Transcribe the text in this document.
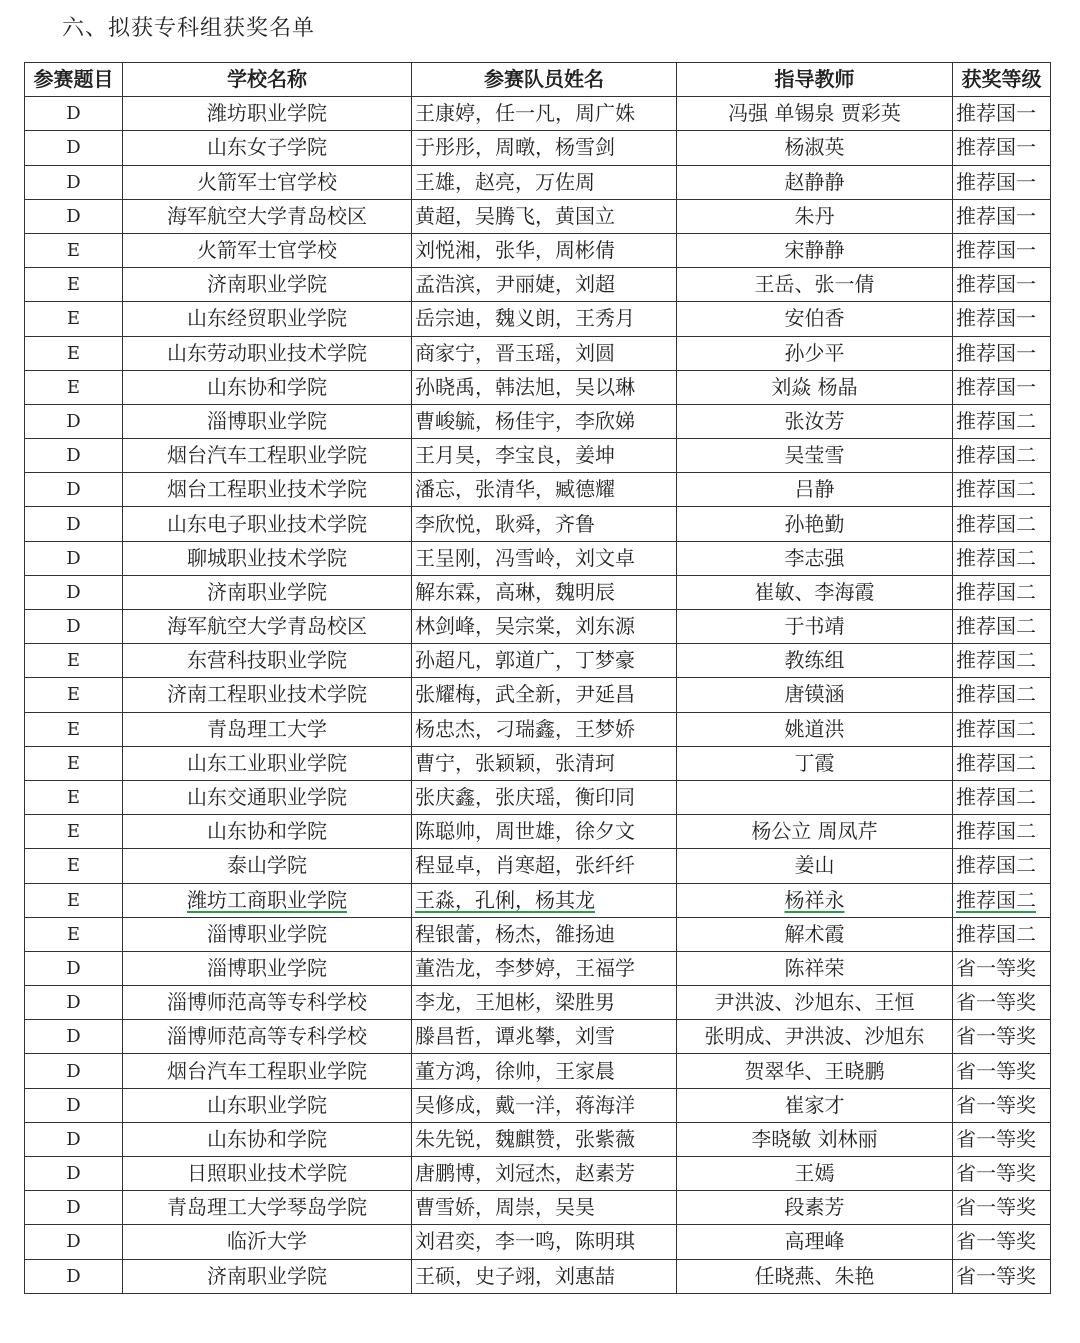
六、拟获专科组获奖名单
参赛题目	学校名称	参赛队员姓名	指导教师	获奖等级
D	潍坊职业学院	王康婷，任一凡，周广姝	冯强 单锡泉 贾彩英	推荐国一
D	山东女子学院	于彤彤，周暾，杨雪剑	杨淑英	推荐国一
D	火箭军士官学校	王雄，赵亮，万佐周	赵静静	推荐国一
D	海军航空大学青岛校区	黄超，吴腾飞，黄国立	朱丹	推荐国一
E	火箭军士官学校	刘悦湘，张华，周彬倩	宋静静	推荐国一
E	济南职业学院	孟浩滨，尹丽婕，刘超	王岳、张一倩	推荐国一
E	山东经贸职业学院	岳宗迪，魏义朗，王秀月	安伯香	推荐国一
E	山东劳动职业技术学院	商家宁，晋玉瑶，刘圆	孙少平	推荐国一
E	山东协和学院	孙晓禹，韩法旭，吴以琳	刘焱 杨晶	推荐国一
D	淄博职业学院	曹峻毓，杨佳宇，李欣娣	张汝芳	推荐国二
D	烟台汽车工程职业学院	王月昊，李宝良，姜坤	吴莹雪	推荐国二
D	烟台工程职业技术学院	潘忘，张清华，臧德耀	吕静	推荐国二
D	山东电子职业技术学院	李欣悦，耿舜，齐鲁	孙艳勤	推荐国二
D	聊城职业技术学院	王呈刚，冯雪岭，刘文卓	李志强	推荐国二
D	济南职业学院	解东霖，高琳，魏明辰	崔敏、李海霞	推荐国二
D	海军航空大学青岛校区	林剑峰，吴宗棠，刘东源	于书靖	推荐国二
E	东营科技职业学院	孙超凡，郭道广，丁梦豪	教练组	推荐国二
E	济南工程职业技术学院	张耀梅，武全新，尹延昌	唐镆涵	推荐国二
E	青岛理工大学	杨忠杰，刁瑞鑫，王梦娇	姚道洪	推荐国二
E	山东工业职业学院	曹宁，张颖颖，张清珂	丁霞	推荐国二
E	山东交通职业学院	张庆鑫，张庆瑶，衡印同		推荐国二
E	山东协和学院	陈聪帅，周世雄，徐夕文	杨公立 周凤芹	推荐国二
E	泰山学院	程显卓，肖寒超，张纤纤	姜山	推荐国二
E	潍坊工商职业学院	王淼，孔俐，杨其龙	杨祥永	推荐国二
E	淄博职业学院	程银蕾，杨杰，雒扬迪	解术霞	推荐国二
D	淄博职业学院	董浩龙，李梦婷，王福学	陈祥荣	省一等奖
D	淄博师范高等专科学校	李龙，王旭彬，梁胜男	尹洪波、沙旭东、王恒	省一等奖
D	淄博师范高等专科学校	滕昌哲，谭兆攀，刘雪	张明成、尹洪波、沙旭东	省一等奖
D	烟台汽车工程职业学院	董方鸿，徐帅，王家晨	贺翠华、王晓鹏	省一等奖
D	山东职业学院	吴修成，戴一洋，蒋海洋	崔家才	省一等奖
D	山东协和学院	朱先锐，魏麒赞，张紫薇	李晓敏 刘林丽	省一等奖
D	日照职业技术学院	唐鹏博，刘冠杰，赵素芳	王嫣	省一等奖
D	青岛理工大学琴岛学院	曹雪娇，周崇，吴昊	段素芳	省一等奖
D	临沂大学	刘君奕，李一鸣，陈明琪	高理峰	省一等奖
D	济南职业学院	王硕，史子翊，刘惠喆	任晓燕、朱艳	省一等奖
